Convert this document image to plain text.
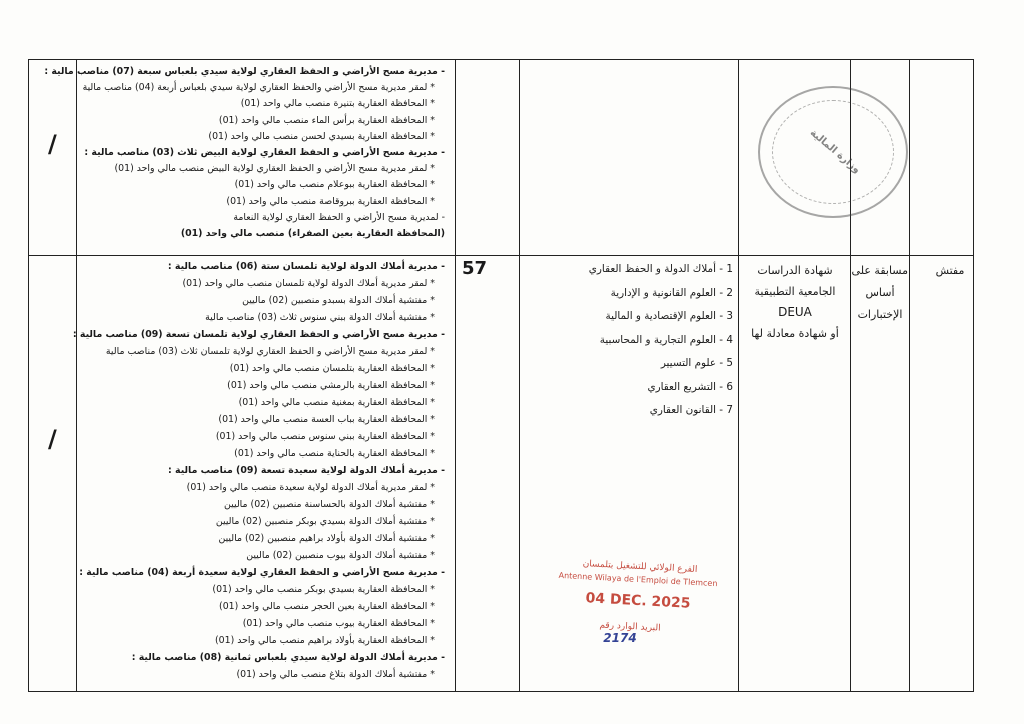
/
- مديرية مسح الأراضي و الحفظ العقاري لولاية سيدي بلعباس سبعة (07) مناصب مالية :
* لمقر مديرية مسح الأراضي والحفظ العقاري لولاية سيدي بلعباس أربعة (04) مناصب مالية
* المحافظة العقارية بتنيرة منصب مالي واحد (01)
* المحافظة العقارية برأس الماء منصب مالي واحد (01)
* المحافظة العقارية بسيدي لحسن منصب مالي واحد (01)
- مديرية مسح الأراضي و الحفظ العقاري لولاية البيض ثلاث (03) مناصب مالية :
* لمقر مديرية مسح الأراضي و الحفظ العقاري لولاية البيض منصب مالي واحد (01)
* المحافظة العقارية ببوعلام منصب مالي واحد (01)
* المحافظة العقارية ببروقاصة منصب مالي واحد (01)
- لمديرية مسح الأراضي و الحفظ العقاري لولاية النعامة
(المحافظة العقارية بعين الصفراء) منصب مالي واحد (01)
/
57	مفتش
مسابقة على
أساس
الإختبارات
شهادة الدراسات
الجامعية التطبيقية
DEUA
أو شهادة معادلة لها
1 - أملاك الدولة و الحفظ العقاري
2 - العلوم القانونية و الإدارية
3 - العلوم الإقتصادية و المالية
4 - العلوم التجارية و المحاسبية
5 - علوم التسيير
6 - التشريع العقاري
7 - القانون العقاري
- مديرية أملاك الدولة لولاية تلمسان ستة (06) مناصب مالية :
* لمقر مديرية أملاك الدولة لولاية تلمسان منصب مالي واحد (01)
* مفتشية أملاك الدولة بسبدو منصبين (02) ماليين
* مفتشية أملاك الدولة ببني سنوس ثلاث (03) مناصب مالية
- مديرية مسح الأراضي و الحفظ العقاري لولاية تلمسان تسعة (09) مناصب مالية :
* لمقر مديرية مسح الأراضي و الحفظ العقاري لولاية تلمسان ثلاث (03) مناصب مالية
* المحافظة العقارية بتلمسان منصب مالي واحد (01)
* المحافظة العقارية بالرمشي منصب مالي واحد (01)
* المحافظة العقارية بمغنية منصب مالي واحد (01)
* المحافظة العقارية بباب العسة منصب مالي واحد (01)
* المحافظة العقارية ببني سنوس منصب مالي واحد (01)
* المحافظة العقارية بالحناية منصب مالي واحد (01)
- مديرية أملاك الدولة لولاية سعيدة تسعة (09) مناصب مالية :
* لمقر مديرية أملاك الدولة لولاية سعيدة منصب مالي واحد (01)
* مفتشية أملاك الدولة بالحساسنة منصبين (02) ماليين
* مفتشية أملاك الدولة بسيدي بوبكر منصبين (02) ماليين
* مفتشية أملاك الدولة بأولاد براهيم منصبين (02) ماليين
* مفتشية أملاك الدولة بيوب منصبين (02) ماليين
- مديرية مسح الأراضي و الحفظ العقاري لولاية سعيدة أربعة (04) مناصب مالية :
* المحافظة العقارية بسيدي بوبكر منصب مالي واحد (01)
* المحافظة العقارية بعين الحجر منصب مالي واحد (01)
* المحافظة العقارية بيوب منصب مالي واحد (01)
* المحافظة العقارية بأولاد براهيم منصب مالي واحد (01)
- مديرية أملاك الدولة لولاية سيدي بلعباس ثمانية (08) مناصب مالية :
* مفتشية أملاك الدولة بتلاغ منصب مالي واحد (01)
وزارة المالية
الفرع الولائي للتشغيل بتلمسان
Antenne Wilaya de l'Emploi de Tlemcen
04 DEC. 2025
البريد الوارد رقم
2174
